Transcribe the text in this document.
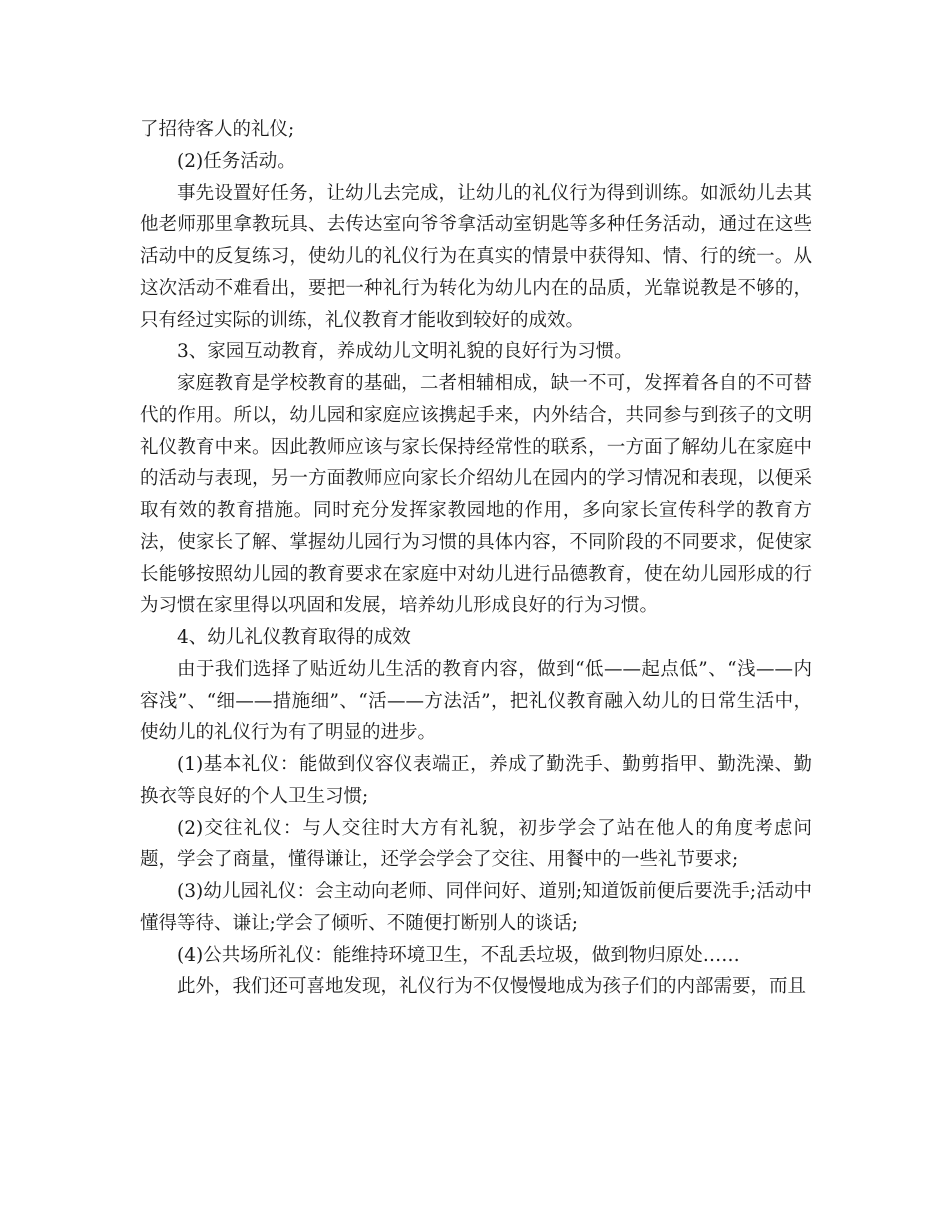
了招待客人的礼仪;

(2)任务活动。

事先设置好任务，让幼儿去完成，让幼儿的礼仪行为得到训练。如派幼儿去其他老师那里拿教玩具、去传达室向爷爷拿活动室钥匙等多种任务活动，通过在这些活动中的反复练习，使幼儿的礼仪行为在真实的情景中获得知、情、行的统一。从这次活动不难看出，要把一种礼行为转化为幼儿内在的品质，光靠说教是不够的，只有经过实际的训练，礼仪教育才能收到较好的成效。

3、家园互动教育，养成幼儿文明礼貌的良好行为习惯。

家庭教育是学校教育的基础，二者相辅相成，缺一不可，发挥着各自的不可替代的作用。所以，幼儿园和家庭应该携起手来，内外结合，共同参与到孩子的文明礼仪教育中来。因此教师应该与家长保持经常性的联系，一方面了解幼儿在家庭中的活动与表现，另一方面教师应向家长介绍幼儿在园内的学习情况和表现，以便采取有效的教育措施。同时充分发挥家教园地的作用，多向家长宣传科学的教育方法，使家长了解、掌握幼儿园行为习惯的具体内容，不同阶段的不同要求，促使家长能够按照幼儿园的教育要求在家庭中对幼儿进行品德教育，使在幼儿园形成的行为习惯在家里得以巩固和发展，培养幼儿形成良好的行为习惯。

4、幼儿礼仪教育取得的成效

由于我们选择了贴近幼儿生活的教育内容，做到“低——起点低”、“浅——内容浅”、“细——措施细”、“活——方法活”，把礼仪教育融入幼儿的日常生活中，使幼儿的礼仪行为有了明显的进步。

(1)基本礼仪：能做到仪容仪表端正，养成了勤洗手、勤剪指甲、勤洗澡、勤换衣等良好的个人卫生习惯;

(2)交往礼仪：与人交往时大方有礼貌，初步学会了站在他人的角度考虑问题，学会了商量，懂得谦让，还学会学会了交往、用餐中的一些礼节要求;

(3)幼儿园礼仪：会主动向老师、同伴问好、道别;知道饭前便后要洗手;活动中懂得等待、谦让;学会了倾听、不随便打断别人的谈话;

(4)公共场所礼仪：能维持环境卫生，不乱丢垃圾，做到物归原处……

此外，我们还可喜地发现，礼仪行为不仅慢慢地成为孩子们的内部需要，而且
